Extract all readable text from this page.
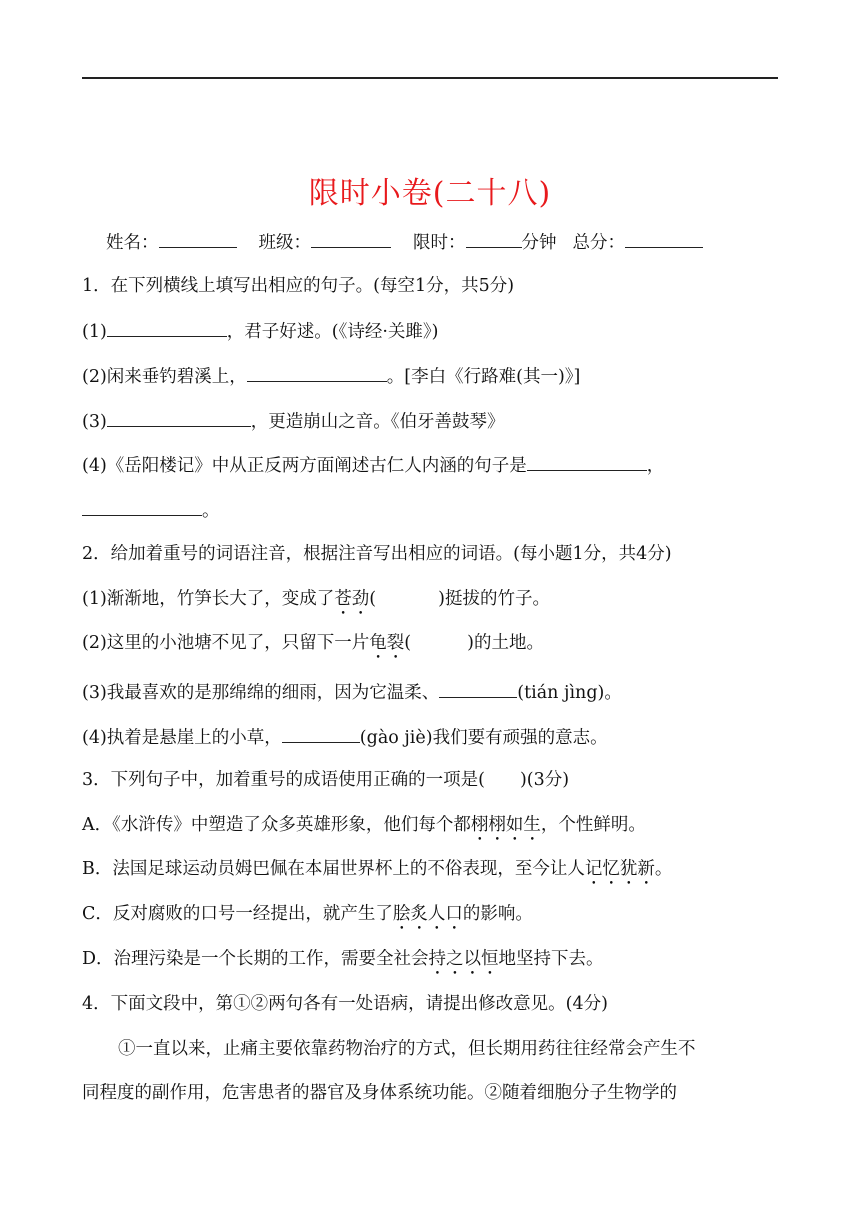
限时小卷(二十八)
姓名：	班级：	限时：	分钟 总分：
1．在下列横线上填写出相应的句子。(每空1分，共5分)
(1)	，君子好逑。(《诗经·关雎》)
(2)闲来垂钓碧溪上，	。[李白《行路难(其一)》]
(3)	，更造崩山之音。《伯牙善鼓琴》
(4)《岳阳楼记》中从正反两方面阐述古仁人内涵的句子是	，
。
2．给加着重号的词语注音，根据注音写出相应的词语。(每小题1分，共4分)
(1)渐渐地，竹笋长大了，变成了苍劲(	)挺拔的竹子。
(2)这里的小池塘不见了，只留下一片龟裂(	)的土地。
(3)我最喜欢的是那绵绵的细雨，因为它温柔、	(tián jìng)。
(4)执着是悬崖上的小草，	(gào jiè)我们要有顽强的意志。
3．下列句子中，加着重号的成语使用正确的一项是(　　)(3分)
A．《水浒传》中塑造了众多英雄形象，他们每个都栩栩如生，个性鲜明。
B．法国足球运动员姆巴佩在本届世界杯上的不俗表现，至今让人记忆犹新。
C．反对腐败的口号一经提出，就产生了脍炙人口的影响。
D．治理污染是一个长期的工作，需要全社会持之以恒地坚持下去。
4．下面文段中，第①②两句各有一处语病，请提出修改意见。(4分)
①一直以来，止痛主要依靠药物治疗的方式，但长期用药往往经常会产生不
同程度的副作用，危害患者的器官及身体系统功能。②随着细胞分子生物学的
